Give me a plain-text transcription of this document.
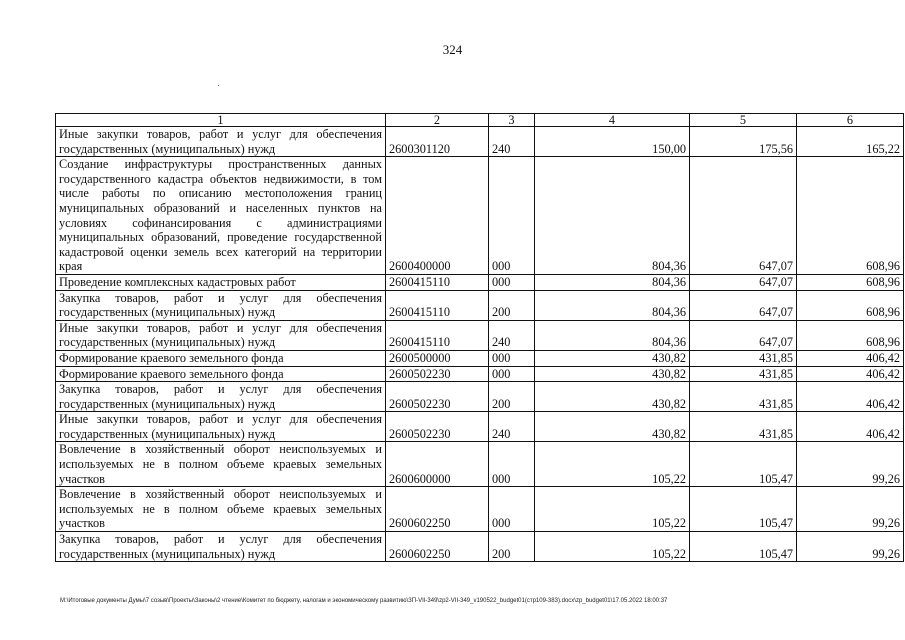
324
1	2	3	4	5	6
Иные закупки товаров, работ и услуг для обеспечения государственных (муниципальных) нужд	2600301120	240	150,00	175,56	165,22
Создание инфраструктуры пространственных данных государственного кадастра объектов недвижимости, в том числе работы по описанию местоположения границ муниципальных образований и населенных пунктов на условиях софинансирования с администрациями муниципальных образований, проведение государственной кадастровой оценки земель всех категорий на территории края	2600400000	000	804,36	647,07	608,96
Проведение комплексных кадастровых работ	2600415110	000	804,36	647,07	608,96
Закупка товаров, работ и услуг для обеспечения государственных (муниципальных) нужд	2600415110	200	804,36	647,07	608,96
Иные закупки товаров, работ и услуг для обеспечения государственных (муниципальных) нужд	2600415110	240	804,36	647,07	608,96
Формирование краевого земельного фонда	2600500000	000	430,82	431,85	406,42
Формирование краевого земельного фонда	2600502230	000	430,82	431,85	406,42
Закупка товаров, работ и услуг для обеспечения государственных (муниципальных) нужд	2600502230	200	430,82	431,85	406,42
Иные закупки товаров, работ и услуг для обеспечения государственных (муниципальных) нужд	2600502230	240	430,82	431,85	406,42
Вовлечение в хозяйственный оборот неиспользуемых и используемых не в полном объеме краевых земельных участков	2600600000	000	105,22	105,47	99,26
Вовлечение в хозяйственный оборот неиспользуемых и используемых не в полном объеме краевых земельных участков	2600602250	000	105,22	105,47	99,26
Закупка товаров, работ и услуг для обеспечения государственных (муниципальных) нужд	2600602250	200	105,22	105,47	99,26
М:\Итоговые документы Думы\7 созыв\Проекты\Законы\2 чтение\Комитет по бюджету, налогам и экономическому развитию\ЗП-VII-349\zp2-VII-349_v190522_budget01(стр109-383).docx\zp_budget01\17.05.2022 18:00:37
